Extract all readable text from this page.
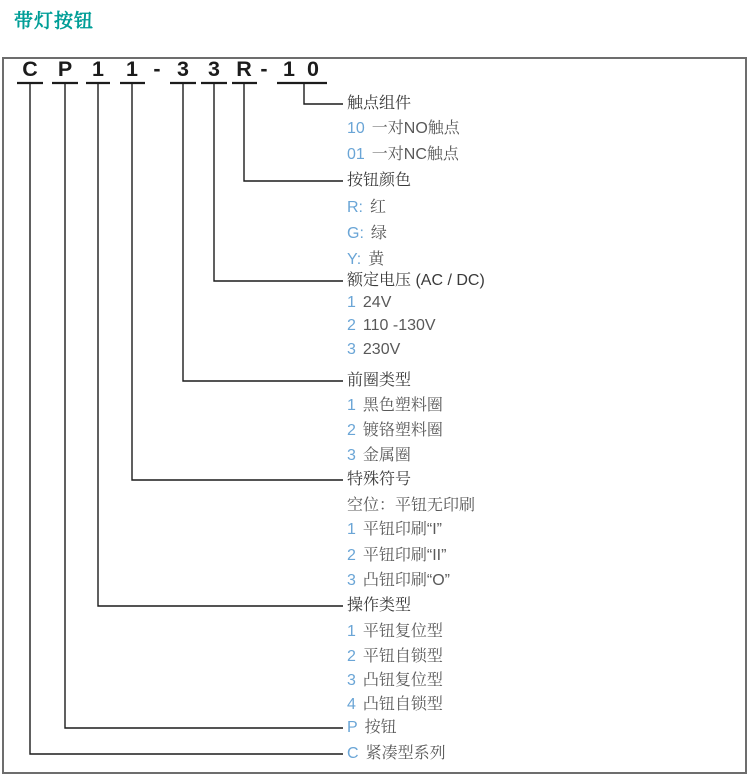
带灯按钮
C P 1 1 - 3 3 R - 1 0
触点组件
10 一对NO触点
01 一对NC触点
按钮颜色
R: 红
G: 绿
Y: 黄
额定电压 (AC / DC)
1 24V
2 110 -130V
3 230V
前圈类型
1 黑色塑料圈
2 镀铬塑料圈
3 金属圈
特殊符号
空位：平钮无印刷
1 平钮印刷“I”
2 平钮印刷“II”
3 凸钮印刷“O”
操作类型
1 平钮复位型
2 平钮自锁型
3 凸钮复位型
4 凸钮自锁型
P 按钮
C 紧凑型系列
